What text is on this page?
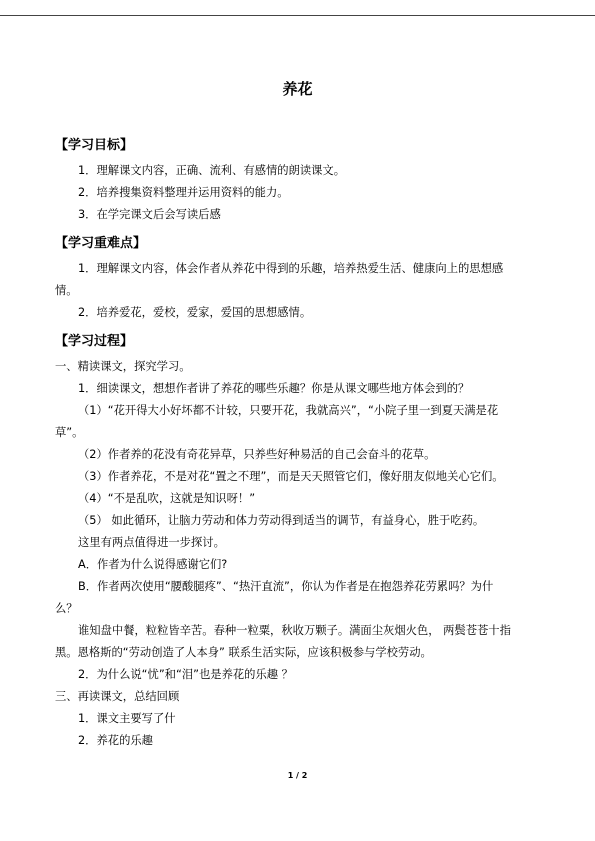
养花
【学习目标】
1．理解课文内容，正确、流利、有感情的朗读课文。
2．培养搜集资料整理并运用资料的能力。
3．在学完课文后会写读后感
【学习重难点】
1．理解课文内容，体会作者从养花中得到的乐趣，培养热爱生活、健康向上的思想感
情。
2．培养爱花，爱校，爱家，爱国的思想感情。
【学习过程】
一、精读课文，探究学习。
1．细读课文，想想作者讲了养花的哪些乐趣？你是从课文哪些地方体会到的？
（1）“花开得大小好坏都不计较，只要开花，我就高兴”，“小院子里一到夏天满是花
草”。
（2）作者养的花没有奇花异草，只养些好种易活的自己会奋斗的花草。
（3）作者养花，不是对花“置之不理”，而是天天照管它们，像好朋友似地关心它们。
（4）“不是乱吹，这就是知识呀！”
（5） 如此循环，让脑力劳动和体力劳动得到适当的调节，有益身心，胜于吃药。
这里有两点值得进一步探讨。
A．作者为什么说得感谢它们?
B．作者两次使用“腰酸腿疼”、“热汗直流”，你认为作者是在抱怨养花劳累吗？为什
么？
谁知盘中餐，粒粒皆辛苦。春种一粒粟，秋收万颗子。满面尘灰烟火色， 两鬓苍苍十指
黑。恩格斯的“劳动创造了人本身” 联系生活实际，应该积极参与学校劳动。
2．为什么说“忧”和“泪”也是养花的乐趣 ？
三、再读课文，总结回顾
1．课文主要写了什
2．养花的乐趣
1 / 2
